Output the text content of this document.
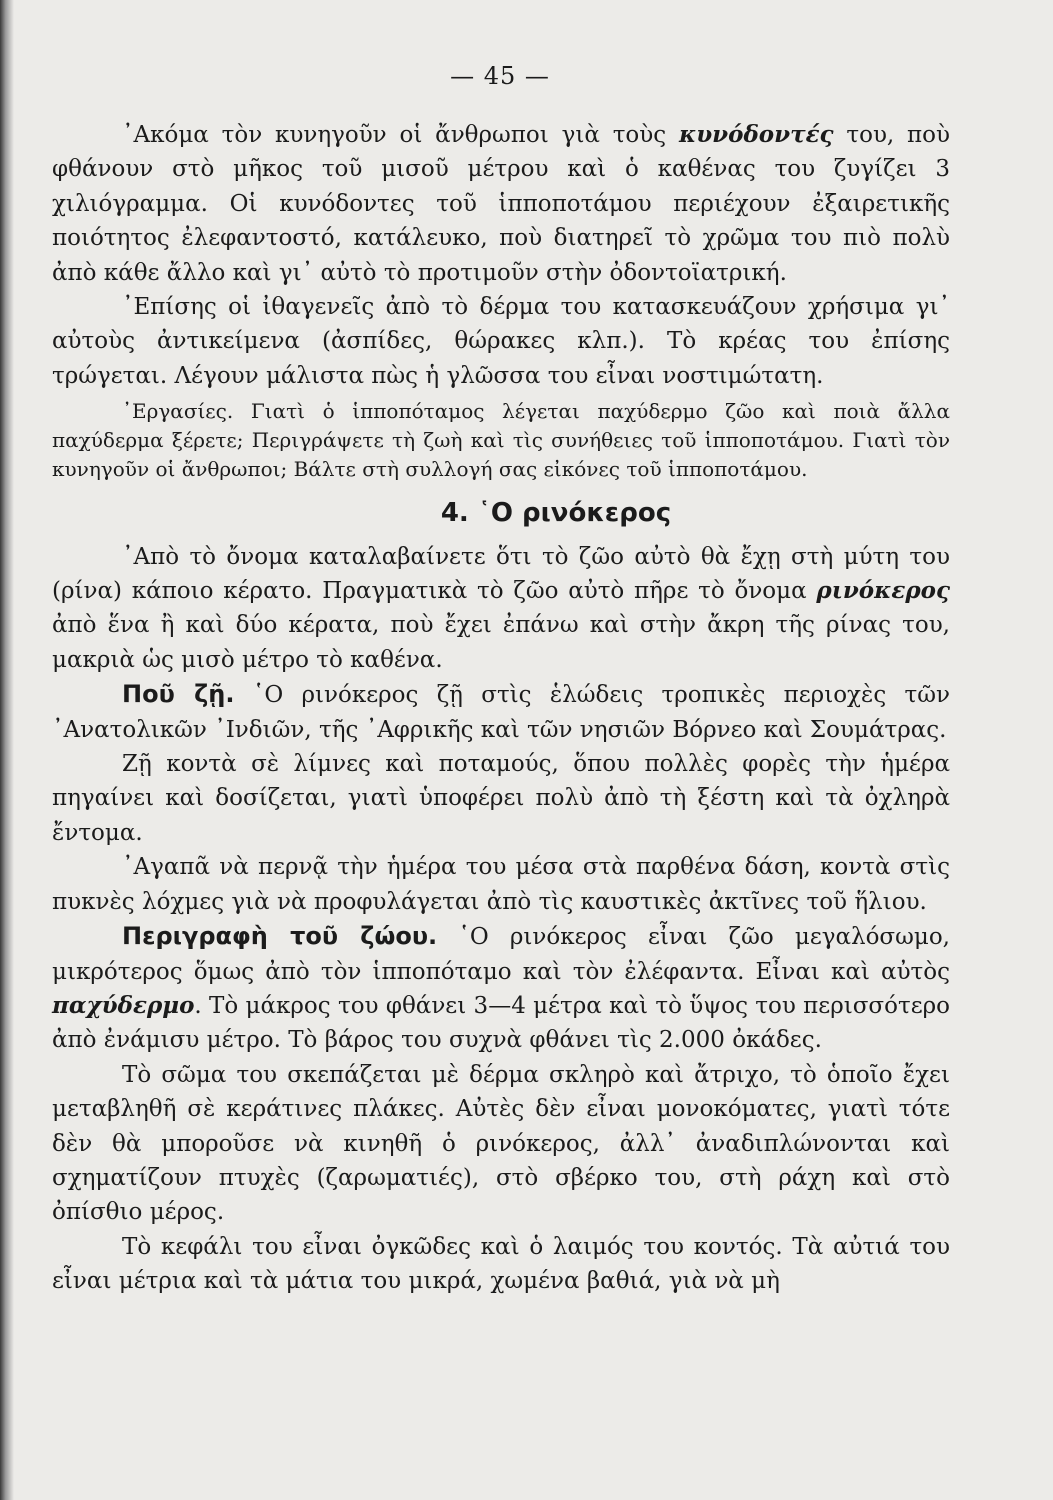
— 45 —

᾿Ακόμα τὸν κυνηγοῦν οἱ ἄνθρωποι γιὰ τοὺς κυνόδοντές του, ποὺ φθάνουν στὸ μῆκος τοῦ μισοῦ μέτρου καὶ ὁ καθένας του ζυγίζει 3 χιλιόγραμμα. Οἱ κυνόδοντες τοῦ ἱπποποτάμου περιέχουν ἐξαιρετικῆς ποιότητος ἐλεφαντοστό, κατάλευκο, ποὺ διατηρεῖ τὸ χρῶμα του πιὸ πολὺ ἀπὸ κάθε ἄλλο καὶ γι᾿ αὐτὸ τὸ προτιμοῦν στὴν ὀδοντοϊατρική.

᾿Επίσης οἱ ἰθαγενεῖς ἀπὸ τὸ δέρμα του κατασκευάζουν χρήσιμα γι᾿ αὐτοὺς ἀντικείμενα (ἀσπίδες, θώρακες κλπ.). Τὸ κρέας του ἐπίσης τρώγεται. Λέγουν μάλιστα πὼς ἡ γλῶσσα του εἶναι νοστιμώτατη.

᾿Εργασίες. Γιατὶ ὁ ἱπποπόταμος λέγεται παχύδερμο ζῶο καὶ ποιὰ ἄλλα παχύδερμα ξέρετε; Περιγράψετε τὴ ζωὴ καὶ τὶς συνήθειες τοῦ ἱπποποτάμου. Γιατὶ τὸν κυνηγοῦν οἱ ἄνθρωποι; Βάλτε στὴ συλλογή σας εἰκόνες τοῦ ἱπποποτάμου.

4. ῾Ο ρινόκερος

᾿Απὸ τὸ ὄνομα καταλαβαίνετε ὅτι τὸ ζῶο αὐτὸ θὰ ἔχῃ στὴ μύτη του (ρίνα) κάποιο κέρατο. Πραγματικὰ τὸ ζῶο αὐτὸ πῆρε τὸ ὄνομα ρινόκερος ἀπὸ ἕνα ἢ καὶ δύο κέρατα, ποὺ ἔχει ἐπάνω καὶ στὴν ἄκρη τῆς ρίνας του, μακριὰ ὡς μισὸ μέτρο τὸ καθένα.

Ποῦ ζῇ. ῾Ο ρινόκερος ζῇ στὶς ἑλώδεις τροπικὲς περιοχὲς τῶν ᾿Ανατολικῶν ᾿Ινδιῶν, τῆς ᾿Αφρικῆς καὶ τῶν νησιῶν Βόρνεο καὶ Σουμάτρας.

Ζῇ κοντὰ σὲ λίμνες καὶ ποταμούς, ὅπου πολλὲς φορὲς τὴν ἡμέρα πηγαίνει καὶ δοσίζεται, γιατὶ ὑποφέρει πολὺ ἀπὸ τὴ ξέστη καὶ τὰ ὀχληρὰ ἔντομα.

᾿Αγαπᾶ νὰ περνᾷ τὴν ἡμέρα του μέσα στὰ παρθένα δάση, κοντὰ στὶς πυκνὲς λόχμες γιὰ νὰ προφυλάγεται ἀπὸ τὶς καυστικὲς ἀκτῖνες τοῦ ἥλιου.

Περιγραφὴ τοῦ ζώου. ῾Ο ρινόκερος εἶναι ζῶο μεγαλόσωμο, μικρότερος ὅμως ἀπὸ τὸν ἱπποπόταμο καὶ τὸν ἐλέφαντα. Εἶναι καὶ αὐτὸς παχύδερμο. Τὸ μάκρος του φθάνει 3—4 μέτρα καὶ τὸ ὕψος του περισσότερο ἀπὸ ἐνάμισυ μέτρο. Τὸ βάρος του συχνὰ φθάνει τὶς 2.000 ὀκάδες.

Τὸ σῶμα του σκεπάζεται μὲ δέρμα σκληρὸ καὶ ἄτριχο, τὸ ὁποῖο ἔχει μεταβληθῆ σὲ κεράτινες πλάκες. Αὐτὲς δὲν εἶναι μονοκόματες, γιατὶ τότε δὲν θὰ μποροῦσε νὰ κινηθῆ ὁ ρινόκερος, ἀλλ᾿ ἀναδιπλώνονται καὶ σχηματίζουν πτυχὲς (ζαρωματιές), στὸ σβέρκο του, στὴ ράχη καὶ στὸ ὀπίσθιο μέρος.

Τὸ κεφάλι του εἶναι ὀγκῶδες καὶ ὁ λαιμός του κοντός. Τὰ αὐτιά του εἶναι μέτρια καὶ τὰ μάτια του μικρά, χωμένα βαθιά, γιὰ νὰ μὴ
